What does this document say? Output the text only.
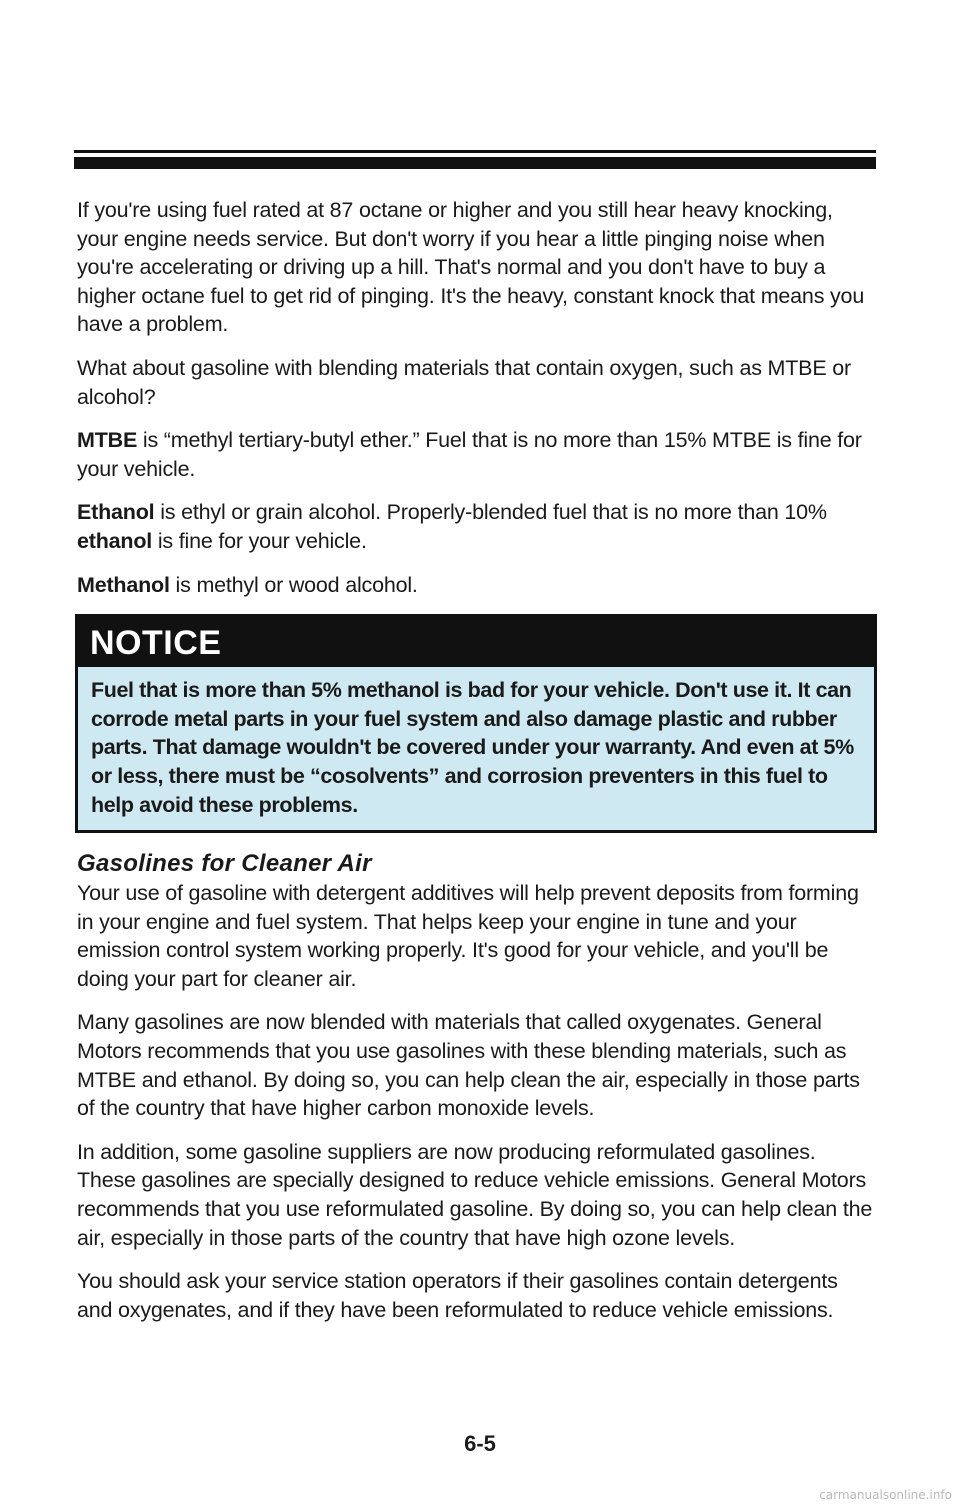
If you're using fuel rated at 87 octane or higher and you still hear heavy knocking, your engine needs service. But don't worry if you hear a little pinging noise when you're accelerating or driving up a hill. That's normal and you don't have to buy a higher octane fuel to get rid of pinging. It's the heavy, constant knock that means you have a problem.

What about gasoline with blending materials that contain oxygen, such as MTBE or alcohol?

MTBE is “methyl tertiary-butyl ether.” Fuel that is no more than 15% MTBE is fine for your vehicle.

Ethanol is ethyl or grain alcohol. Properly-blended fuel that is no more than 10% ethanol is fine for your vehicle.

Methanol is methyl or wood alcohol.

NOTICE
Fuel that is more than 5% methanol is bad for your vehicle. Don't use it. It can corrode metal parts in your fuel system and also damage plastic and rubber parts. That damage wouldn't be covered under your warranty. And even at 5% or less, there must be “cosolvents” and corrosion preventers in this fuel to help avoid these problems.
Gasolines for Cleaner Air

Your use of gasoline with detergent additives will help prevent deposits from forming in your engine and fuel system. That helps keep your engine in tune and your emission control system working properly. It's good for your vehicle, and you'll be doing your part for cleaner air.

Many gasolines are now blended with materials that called oxygenates. General Motors recommends that you use gasolines with these blending materials, such as MTBE and ethanol. By doing so, you can help clean the air, especially in those parts of the country that have higher carbon monoxide levels.

In addition, some gasoline suppliers are now producing reformulated gasolines. These gasolines are specially designed to reduce vehicle emissions. General Motors recommends that you use reformulated gasoline. By doing so, you can help clean the air, especially in those parts of the country that have high ozone levels.

You should ask your service station operators if their gasolines contain detergents and oxygenates, and if they have been reformulated to reduce vehicle emissions.

6-5
carmanualsonline.info
